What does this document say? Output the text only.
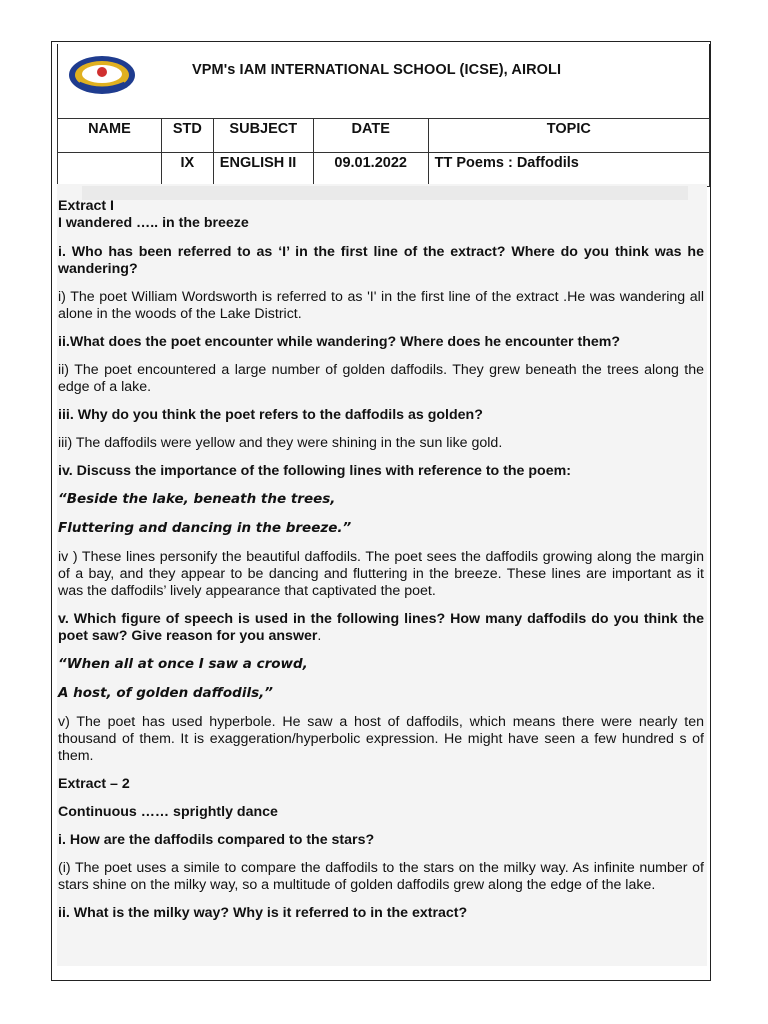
VPM's IAM INTERNATIONAL SCHOOL (ICSE), AIROLI
NAME	STD	SUBJECT	DATE	TOPIC
	IX	ENGLISH II	09.01.2022	TT Poems : Daffodils

Extract I

I wandered ….. in the breeze

i. Who has been referred to as ‘I’ in the first line of the extract? Where do you think was he wandering?

i) The poet William Wordsworth is referred to as 'I' in the first line of the extract .He was wandering all alone in the woods of the Lake District.

ii.What does the poet encounter while wandering? Where does he encounter them?

ii) The poet encountered a large number of golden daffodils. They grew beneath the trees along the edge of a lake.

iii. Why do you think the poet refers to the daffodils as golden?

iii) The daffodils were yellow and they were shining in the sun like gold.

iv. Discuss the importance of the following lines with reference to the poem:

“Beside the lake, beneath the trees,

Fluttering and dancing in the breeze.”

iv ) These lines personify the beautiful daffodils. The poet sees the daffodils growing along the margin of a bay, and they appear to be dancing and fluttering in the breeze. These lines are important as it was the daffodils’ lively appearance that captivated the poet.

v. Which figure of speech is used in the following lines? How many daffodils do you think the poet saw? Give reason for you answer.

“When all at once I saw a crowd,

A host, of golden daffodils,”

v) The poet has used hyperbole. He saw a host of daffodils, which means there were nearly ten thousand of them. It is exaggeration/hyperbolic expression. He might have seen a few hundred s of them.

Extract – 2

Continuous …… sprightly dance

i. How are the daffodils compared to the stars?

(i) The poet uses a simile to compare the daffodils to the stars on the milky way. As infinite number of stars shine on the milky way, so a multitude of golden daffodils grew along the edge of the lake.

ii. What is the milky way? Why is it referred to in the extract?
